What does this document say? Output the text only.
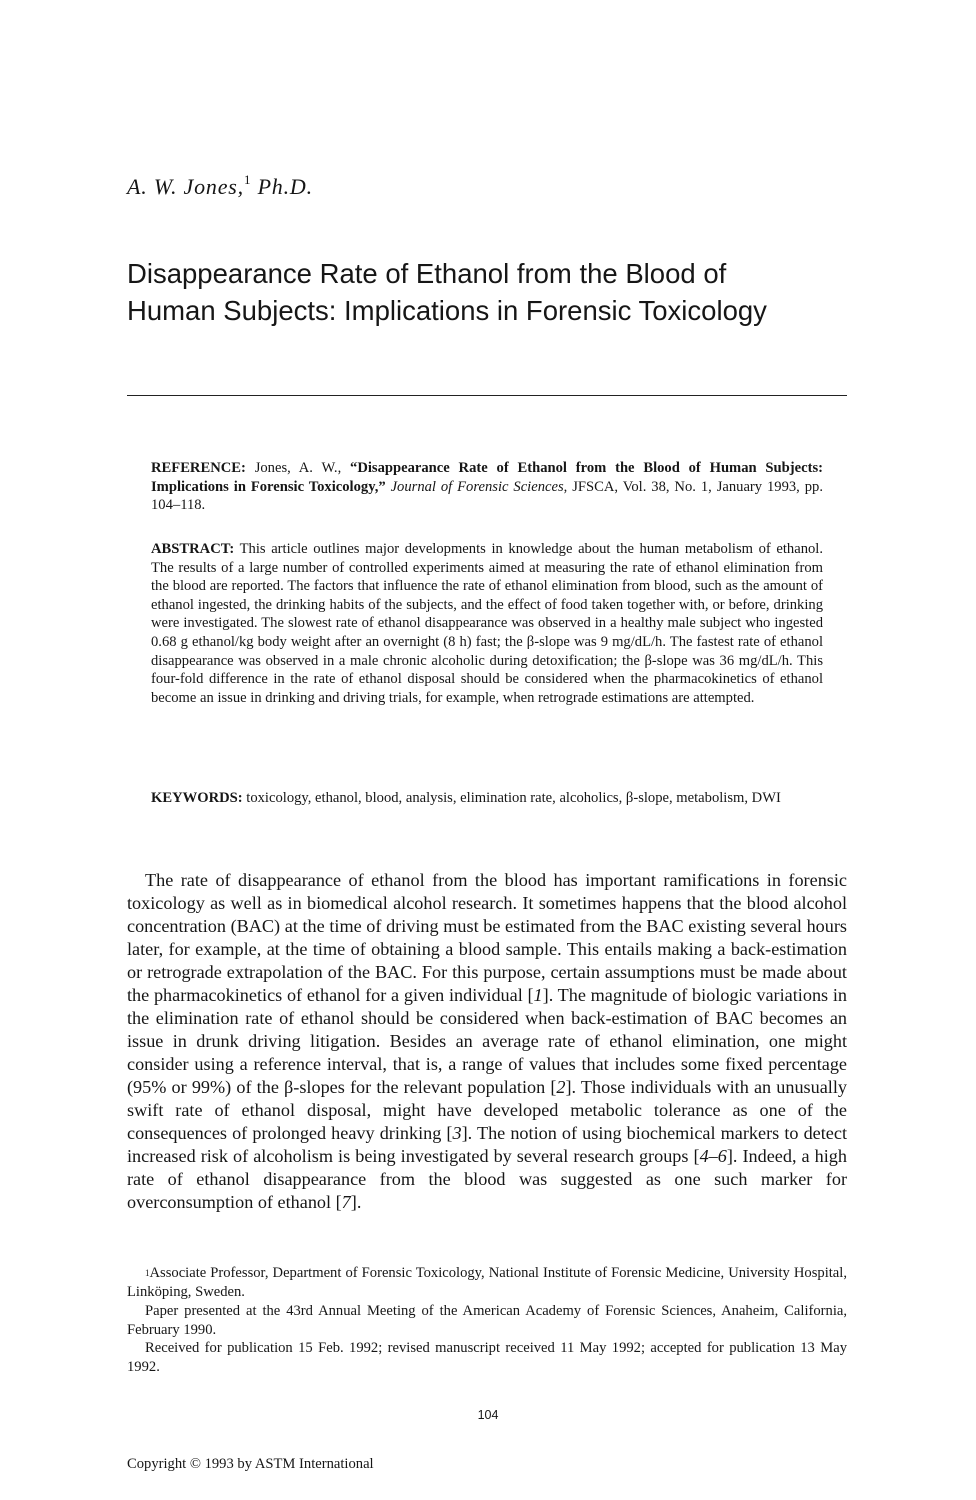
A. W. Jones,$^1$ Ph.D.
Disappearance Rate of Ethanol from the Blood of
Human Subjects: Implications in Forensic Toxicology

REFERENCE: Jones, A. W., “Disappearance Rate of Ethanol from the Blood of Human Subjects: Implications in Forensic Toxicology,” Journal of Forensic Sciences, JFSCA, Vol. 38, No. 1, January 1993, pp. 104–118.

ABSTRACT: This article outlines major developments in knowledge about the human metabolism of ethanol. The results of a large number of controlled experiments aimed at measuring the rate of ethanol elimination from the blood are reported. The factors that influence the rate of ethanol elimination from blood, such as the amount of ethanol ingested, the drinking habits of the subjects, and the effect of food taken together with, or before, drinking were investigated. The slowest rate of ethanol disappearance was observed in a healthy male subject who ingested 0.68 g ethanol/kg body weight after an overnight (8 h) fast; the β-slope was 9 mg/dL/h. The fastest rate of ethanol disappearance was observed in a male chronic alcoholic during detoxification; the β-slope was 36 mg/dL/h. This four-fold difference in the rate of ethanol disposal should be considered when the pharmacokinetics of ethanol become an issue in drinking and driving trials, for example, when retrograde estimations are attempted.

KEYWORDS: toxicology, ethanol, blood, analysis, elimination rate, alcoholics, β-slope, metabolism, DWI

The rate of disappearance of ethanol from the blood has important ramifications in forensic toxicology as well as in biomedical alcohol research. It sometimes happens that the blood alcohol concentration (BAC) at the time of driving must be estimated from the BAC existing several hours later, for example, at the time of obtaining a blood sample. This entails making a back-estimation or retrograde extrapolation of the BAC. For this purpose, certain assumptions must be made about the pharmacokinetics of ethanol for a given individual [1]. The magnitude of biologic variations in the elimination rate of ethanol should be considered when back-estimation of BAC becomes an issue in drunk driving litigation. Besides an average rate of ethanol elimination, one might consider using a reference interval, that is, a range of values that includes some fixed percentage (95% or 99%) of the β-slopes for the relevant population [2]. Those individuals with an unusually swift rate of ethanol disposal, might have developed metabolic tolerance as one of the consequences of prolonged heavy drinking [3]. The notion of using biochemical markers to detect increased risk of alcoholism is being investigated by several research groups [4–6]. Indeed, a high rate of ethanol disappearance from the blood was suggested as one such marker for overconsumption of ethanol [7].

$^1$Associate Professor, Department of Forensic Toxicology, National Institute of Forensic Medicine, University Hospital, Linköping, Sweden.

Paper presented at the 43rd Annual Meeting of the American Academy of Forensic Sciences, Anaheim, California, February 1990.

Received for publication 15 Feb. 1992; revised manuscript received 11 May 1992; accepted for publication 13 May 1992.

104
Copyright © 1993 by ASTM International
